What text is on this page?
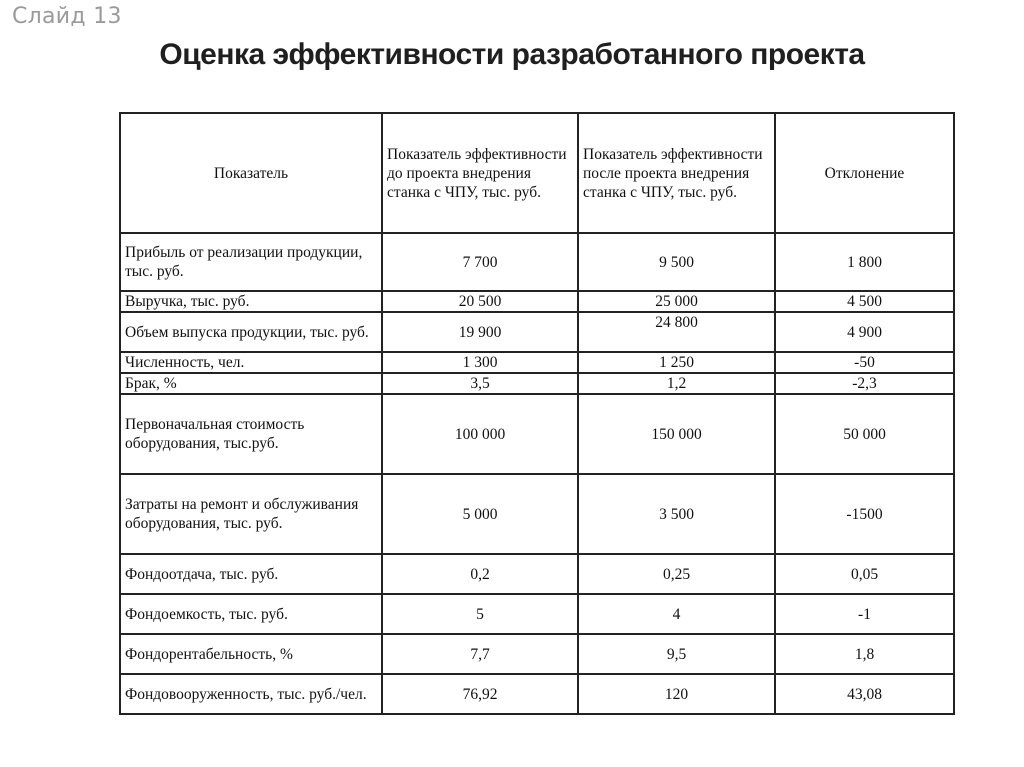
Слайд 13
Оценка эффективности разработанного проекта
Показатель	Показатель эффективности до проекта внедрения станка с ЧПУ, тыс. руб.	Показатель эффективности после проекта внедрения станка с ЧПУ, тыс. руб.	Отклонение
Прибыль от реализации продукции, тыс. руб.	7 700	9 500	1 800
Выручка, тыс. руб.	20 500	25 000	4 500
Объем выпуска продукции, тыс. руб.	19 900	24 800	4 900
Численность, чел.	1 300	1 250	-50
Брак, %	3,5	1,2	-2,3
Первоначальная стоимость оборудования, тыс.руб.	100 000	150 000	50 000
Затраты на ремонт и обслуживания оборудования, тыс. руб.	5 000	3 500	-1500
Фондоотдача, тыс. руб.	0,2	0,25	0,05
Фондоемкость, тыс. руб.	5	4	-1
Фондорентабельность, %	7,7	9,5	1,8
Фондовооруженность, тыс. руб./чел.	76,92	120	43,08
